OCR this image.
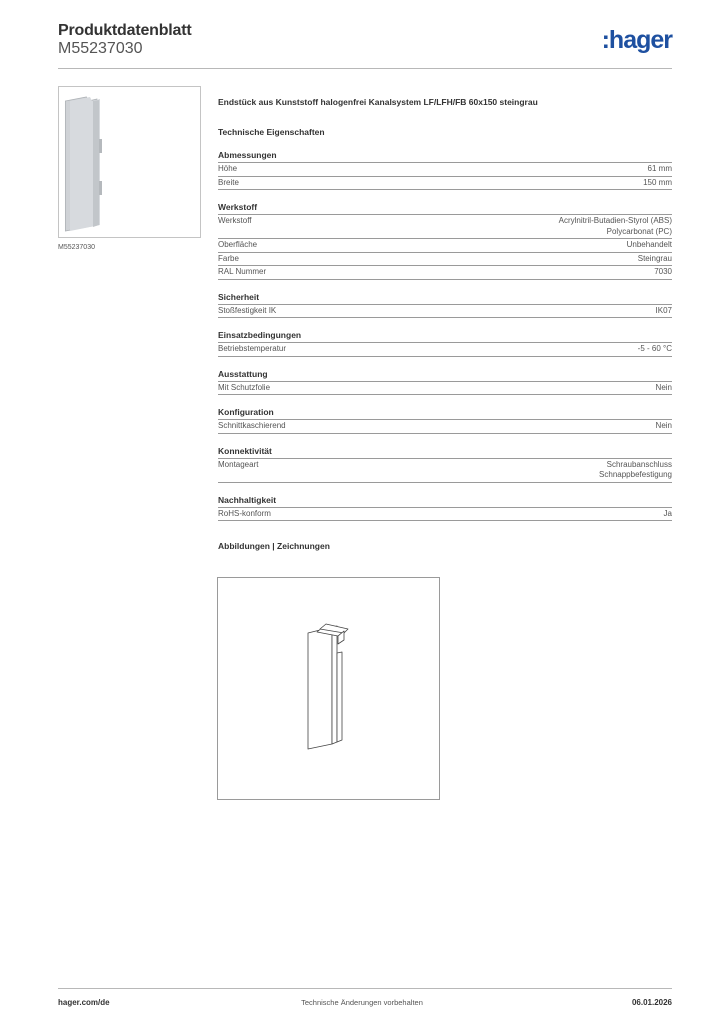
Produktdatenblatt
M55237030	:hager
M55237030
Endstück aus Kunststoff halogenfrei Kanalsystem LF/LFH/FB 60x150 steingrau
Technische Eigenschaften
Abmessungen
Höhe	61 mm
Breite	150 mm
Werkstoff
Werkstoff	Acrylnitril-Butadien-Styrol (ABS)
Polycarbonat (PC)
Oberfläche	Unbehandelt
Farbe	Steingrau
RAL Nummer	7030
Sicherheit
Stoßfestigkeit IK	IK07
Einsatzbedingungen
Betriebstemperatur	-5 - 60 °C
Ausstattung
Mit Schutzfolie	Nein
Konfiguration
Schnittkaschierend	Nein
Konnektivität
Montageart	Schraubanschluss
Schnappbefestigung
Nachhaltigkeit
RoHS-konform	Ja
Abbildungen | Zeichnungen
hager.com/de	Technische Änderungen vorbehalten	06.01.2026
